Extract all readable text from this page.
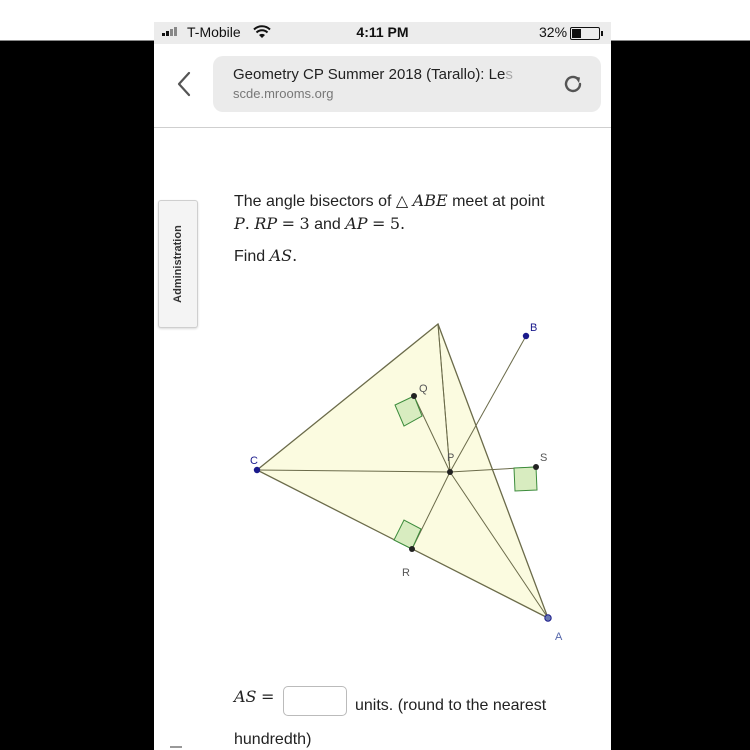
T-Mobile	4:11 PM	32%
Geometry CP Summer 2018 (Tarallo): Les
scde.mrooms.org
Administration
The angle bisectors of △ ABE meet at point
P. RP = 3 and AP = 5.
Find AS.
B
Q
C	P	S
R
A
AS =	units. (round to the nearest
hundredth)
